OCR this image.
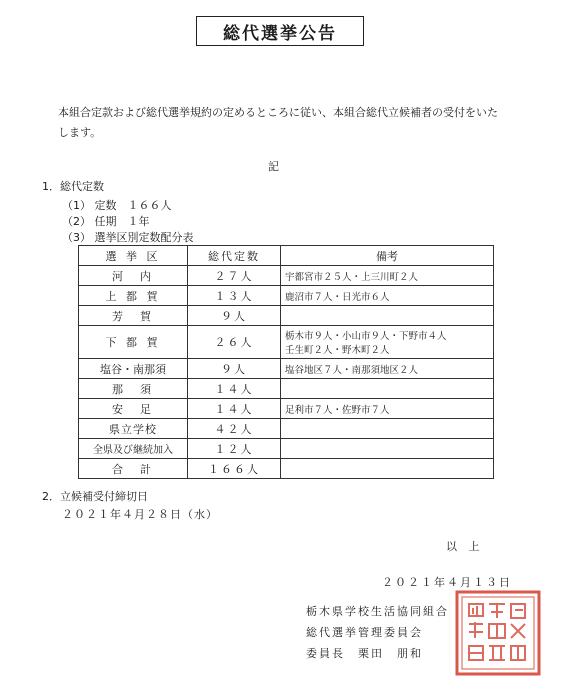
総代選挙公告
本組合定款および総代選挙規約の定めるところに従い、本組合総代立候補者の受付をいたします。
記
1．総代定数
（1） 定数　１６６人
（2） 任期　１年
（3） 選挙区別定数配分表
選 挙 区	総代定数	備考
河　内	２７人	宇都宮市２５人・上三川町２人
上 都 賀	１３人	鹿沼市７人・日光市６人
芳　賀	９人	
下 都 賀	２６人	栃木市９人・小山市９人・下野市４人
壬生町２人・野木町２人

塩谷・南那須	９人	塩谷地区７人・南那須地区２人
那　須	１４人	
安　足	１４人	足利市７人・佐野市７人
県立学校	４２人	
全県及び継続加入	１２人	
合　計	１６６人	
2．立候補受付締切日
２０２１年４月２８日（水）
以 上
２０２１年４月１３日
栃木県学校生活協同組合
総代選挙管理委員会
委員長　栗田　朋和
